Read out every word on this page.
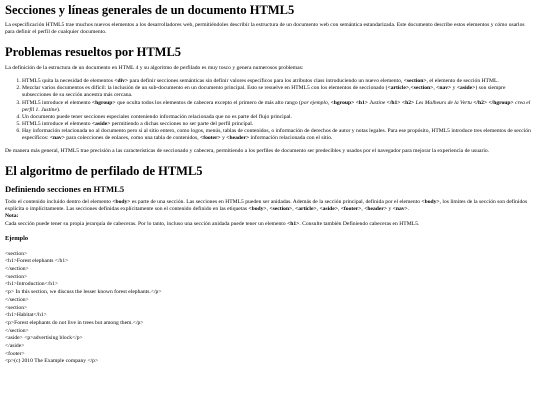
Secciones y líneas generales de un documento HTML5

La especificación HTML5 trae muchos nuevos elementos a los desarrolladores web, permitiéndoles describir la estructura de un documento web con semántica estandarizada. Este documento describe estos elementos y cómo usarlos para definir el perfil de cualquier documento.

Problemas resueltos por HTML5

La definición de la estructura de un documento en HTML 4 y su algoritmo de perfilado es muy tosco y genera numerosos problemas:

1. HTML5 quita la necesidad de elementos <div> para definir secciones semánticas sin definir valores específicos para los atributos class introduciendo un nuevo elemento, <section>, el elemento de sección HTML.
2. Mezclar varios documentos es difícil: la inclusión de un sub-documento en un documento principal. Esto se resuelve en HTML5 con los elementos de seccionado (<article>,<section>, <nav> y <aside>) son siempre subsecciones de su sección ancestra más cercana.
3. HTML5 introduce el elemento <hgroup> que oculta todos los elementos de cabecera excepto el primero de más alto rango (por ejemplo, <hgroup> <h1> Justine </h1> <h2> Les Malheurs de la Vertu </h2> </hgroup> crea el perfil 1. Justine).
4. Un documento puede tener secciones especiales conteniendo información relacionada que no es parte del flujo principal.
5. HTML5 introduce el elemento <aside> permitiendo a dichas secciones no ser parte del perfil principal.
6. Hay información relacionada no al documento pero si al sitio entero, como logos, menús, tablas de contenidos, o información de derechos de autor y notas legales. Para ese propósito, HTML5 introduce tres elementos de sección específicos: <nav> para colecciones de enlaces, como una tabla de contenidos, <footer> y <header> información relacionada con el sitio.

De manera más general, HTML5 trae precisión a las características de seccionado y cabecera, permitiendo a los perfiles de documento ser predecibles y usados por el navegador para mejorar la experiencia de usuario.

El algoritmo de perfilado de HTML5
Definiendo secciones en HTML5

Todo el contenido incluido dentro del elemento <body> es parte de una sección. Las secciones en HTML5 pueden ser anidadas. Además de la sección principal, definida por el elemento <body>, los limites de la sección son definidos explícita o implícitamente. Las secciones definidas explícitamente son el contenido definido en las etiquetas <body>, <section>, <article>, <aside>, <footer>, <header> y <nav>.

Nota:
Cada sección puede tener su propia jerarquía de cabeceras. Por lo tanto, incluso una sección anidada puede tener un elemento <h1>. Consulte también Definiendo cabeceras en HTML5.

Ejemplo
<section>
<h1>Forest elephants </h1>
</section>
<section>
<h1>Introduction</h1>
<p> In this section, we discuss the lesser known forest elephants.</p>
</section>
<section>
<h1>Habitat</h1>
<p>Forest elephants do not live in trees but among them.</p>
</section>
<aside> <p>advertising block</p>
</aside>
<footer>
<p>(c) 2010 The Example company </p>
